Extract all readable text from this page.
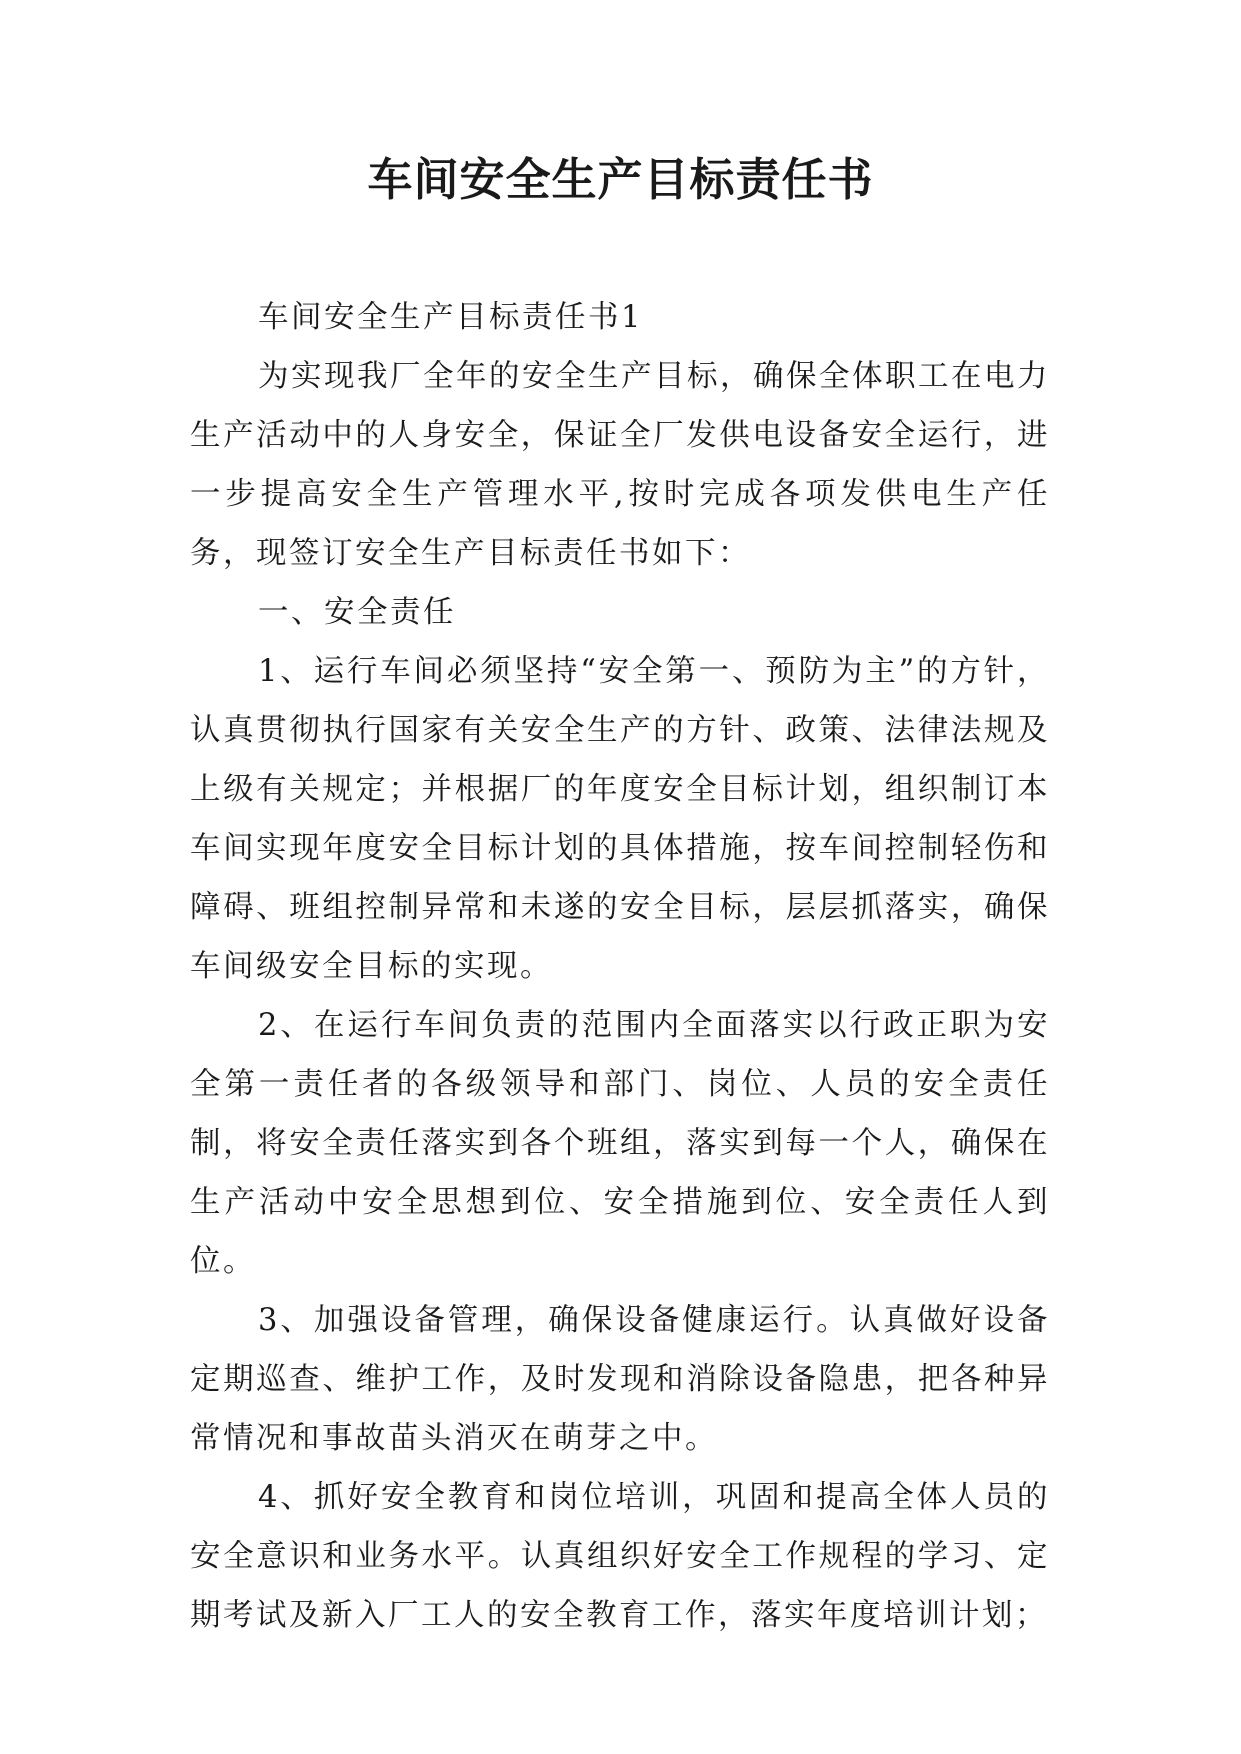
车间安全生产目标责任书

车间安全生产目标责任书1

为实现我厂全年的安全生产目标，确保全体职工在电力生产活动中的人身安全，保证全厂发供电设备安全运行，进一步提高安全生产管理水平,按时完成各项发供电生产任务，现签订安全生产目标责任书如下：

一、安全责任

1、运行车间必须坚持“安全第一、预防为主”的方针，认真贯彻执行国家有关安全生产的方针、政策、法律法规及上级有关规定；并根据厂的年度安全目标计划，组织制订本车间实现年度安全目标计划的具体措施，按车间控制轻伤和障碍、班组控制异常和未遂的安全目标，层层抓落实，确保车间级安全目标的实现。

2、在运行车间负责的范围内全面落实以行政正职为安全第一责任者的各级领导和部门、岗位、人员的安全责任制，将安全责任落实到各个班组，落实到每一个人，确保在生产活动中安全思想到位、安全措施到位、安全责任人到位。

3、加强设备管理，确保设备健康运行。认真做好设备定期巡查、维护工作，及时发现和消除设备隐患，把各种异常情况和事故苗头消灭在萌芽之中。

4、抓好安全教育和岗位培训，巩固和提高全体人员的安全意识和业务水平。认真组织好安全工作规程的学习、定期考试及新入厂工人的安全教育工作，落实年度培训计划；
